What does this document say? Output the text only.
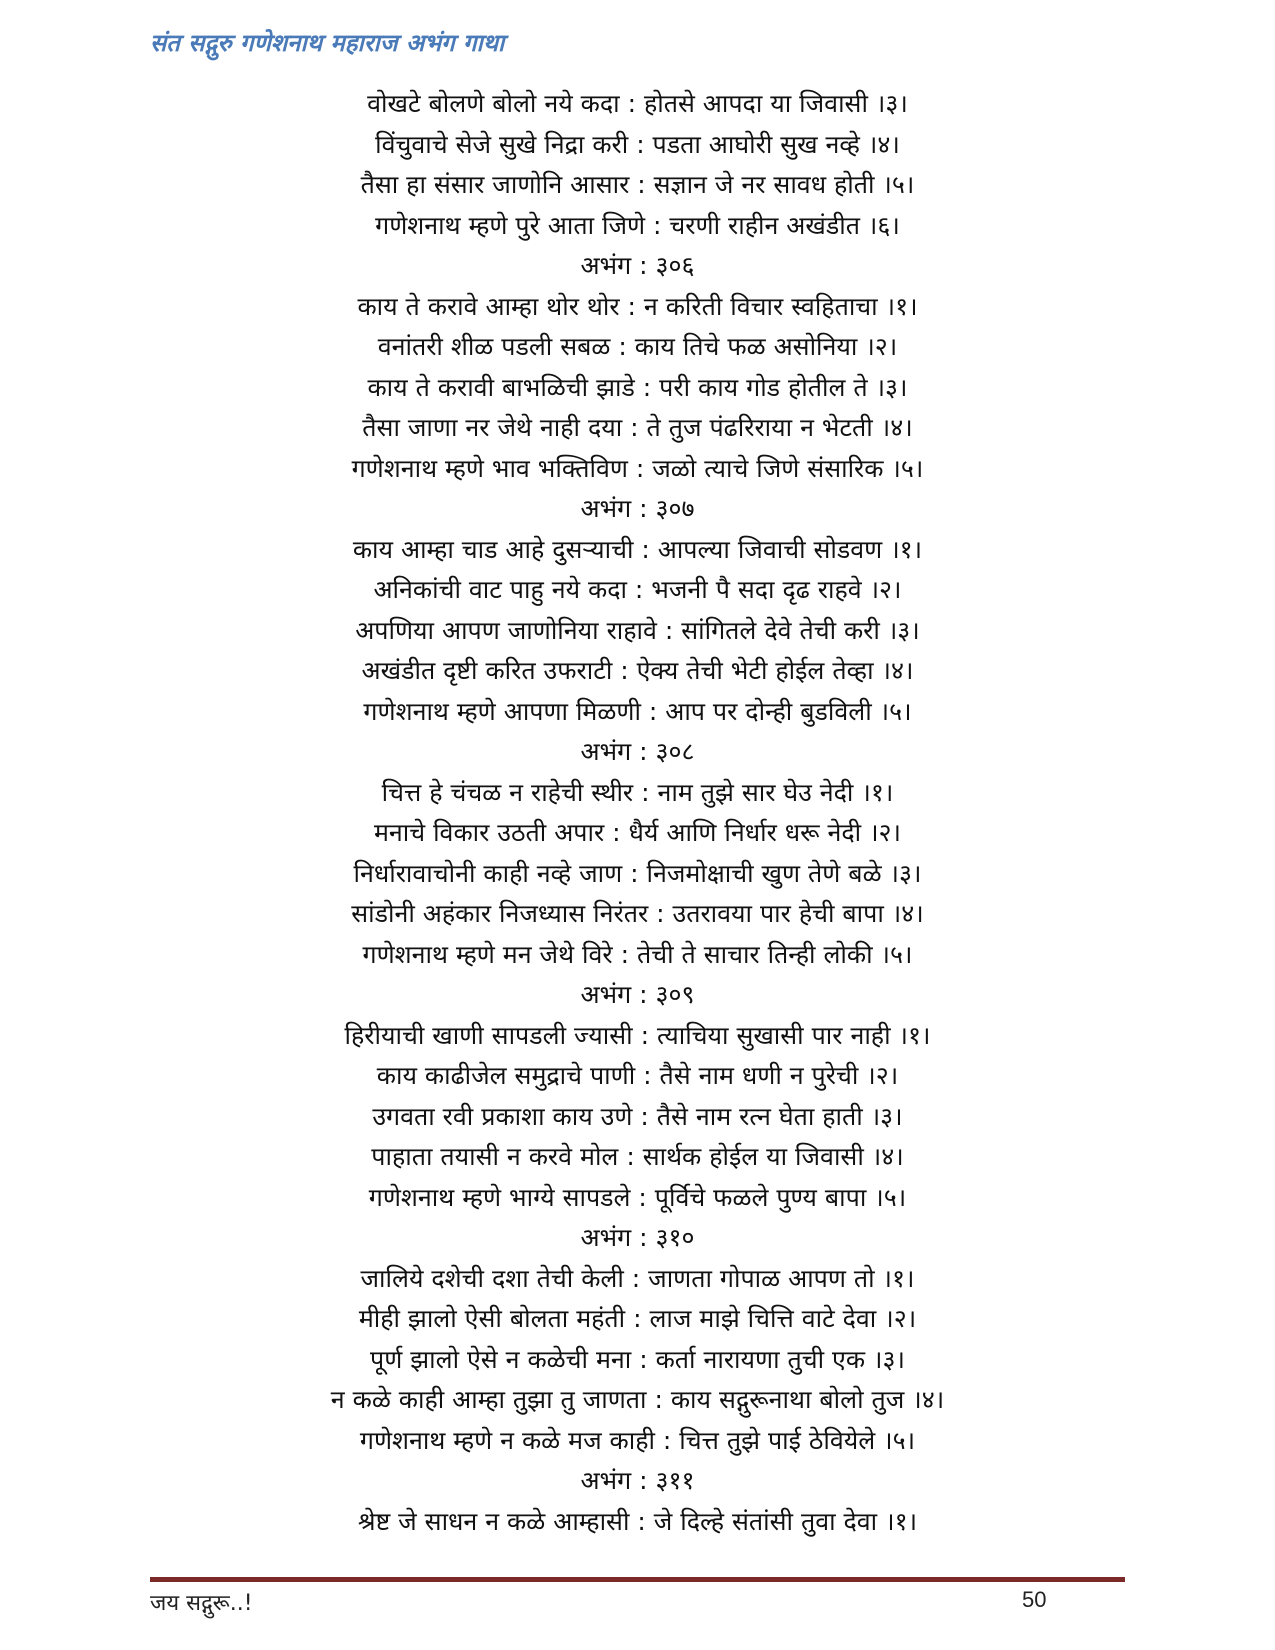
संत सद्गुरु गणेशनाथ महाराज अभंग गाथा
वोखटे बोलणे बोलो नये कदा : होतसे आपदा या जिवासी ।३।
विंचुवाचे सेजे सुखे निद्रा करी : पडता आघोरी सुख नव्हे ।४।
तैसा हा संसार जाणोनि आसार : सज्ञान जे नर सावध होती ।५।
गणेशनाथ म्हणे पुरे आता जिणे : चरणी राहीन अखंडीत ।६।
अभंग : ३०६
काय ते करावे आम्हा थोर थोर : न करिती विचार स्वहिताचा ।१।
वनांतरी शीळ पडली सबळ : काय तिचे फळ असोनिया ।२।
काय ते करावी बाभळिची झाडे : परी काय गोड होतील ते ।३।
तैसा जाणा नर जेथे नाही दया : ते तुज पंढरिराया न भेटती ।४।
गणेशनाथ म्हणे भाव भक्तिविण : जळो त्याचे जिणे संसारिक ।५।
अभंग : ३०७
काय आम्हा चाड आहे दुसऱ्याची : आपल्या जिवाची सोडवण ।१।
अनिकांची वाट पाहु नये कदा : भजनी पै सदा दृढ राहवे ।२।
अपणिया आपण जाणोनिया राहावे : सांगितले देवे तेची करी ।३।
अखंडीत दृष्टी करित उफराटी : ऐक्य तेची भेटी होईल तेव्हा ।४।
गणेशनाथ म्हणे आपणा मिळणी : आप पर दोन्ही बुडविली ।५।
अभंग : ३०८
चित्त हे चंचळ न राहेची स्थीर : नाम तुझे सार घेउ नेदी ।१।
मनाचे विकार उठती अपार : धैर्य आणि निर्धार धरू नेदी ।२।
निर्धारावाचोनी काही नव्हे जाण : निजमोक्षाची खुण तेणे बळे ।३।
सांडोनी अहंकार निजध्यास निरंतर : उतरावया पार हेची बापा ।४।
गणेशनाथ म्हणे मन जेथे विरे : तेची ते साचार तिन्ही लोकी ।५।
अभंग : ३०९
हिरीयाची खाणी सापडली ज्यासी : त्याचिया सुखासी पार नाही ।१।
काय काढीजेल समुद्राचे पाणी : तैसे नाम धणी न पुरेची ।२।
उगवता रवी प्रकाशा काय उणे : तैसे नाम रत्न घेता हाती ।३।
पाहाता तयासी न करवे मोल : सार्थक होईल या जिवासी ।४।
गणेशनाथ म्हणे भाग्ये सापडले : पूर्विचे फळले पुण्य बापा ।५।
अभंग : ३१०
जालिये दशेची दशा तेची केली : जाणता गोपाळ आपण तो ।१।
मीही झालो ऐसी बोलता महंती : लाज माझे चित्ति वाटे देवा ।२।
पूर्ण झालो ऐसे न कळेची मना : कर्ता नारायणा तुची एक ।३।
न कळे काही आम्हा तुझा तु जाणता : काय सद्गुरूनाथा बोलो तुज ।४।
गणेशनाथ म्हणे न कळे मज काही : चित्त तुझे पाई ठेवियेले ।५।
अभंग : ३११
श्रेष्ट जे साधन न कळे आम्हासी : जे दिल्हे संतांसी तुवा देवा ।१।
जय सद्गुरू..!	50
